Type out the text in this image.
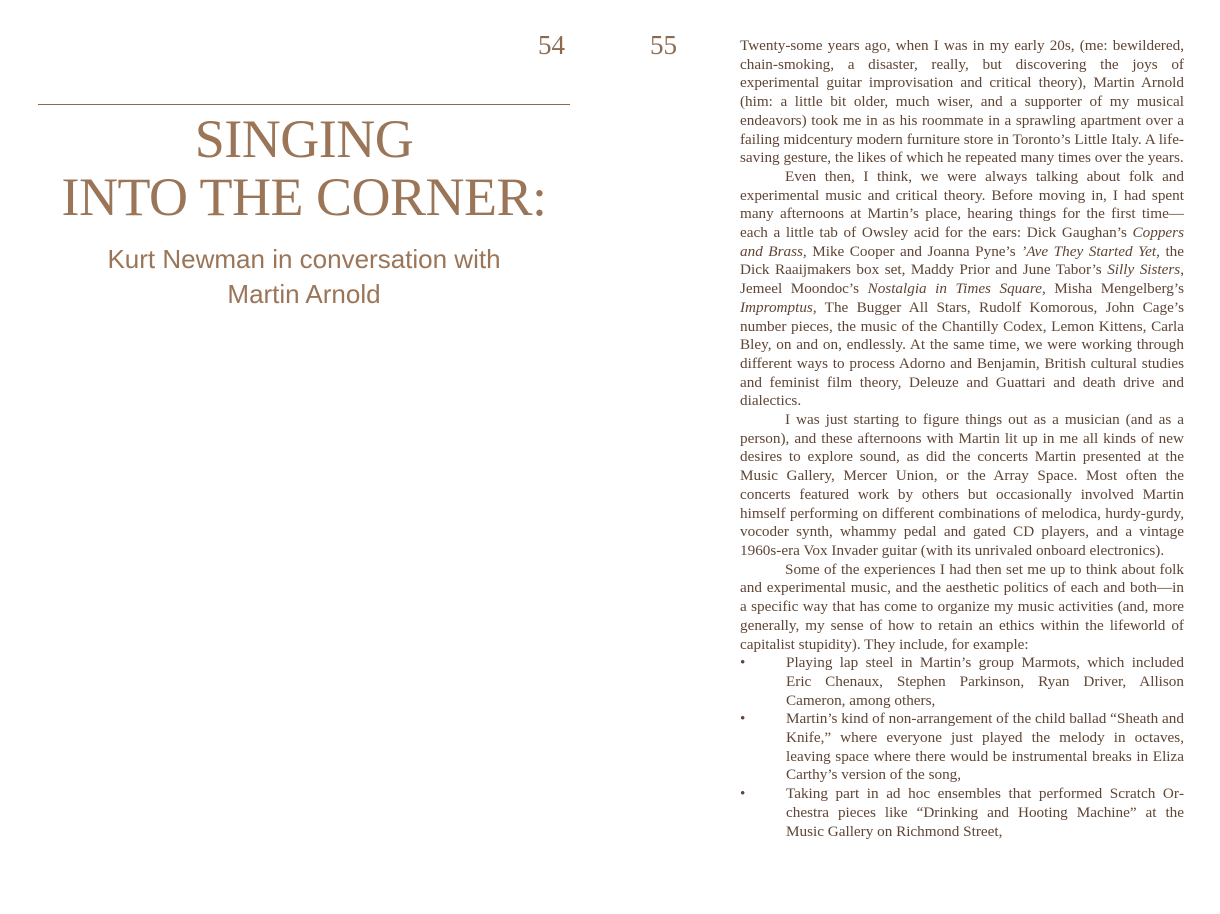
54
SINGING
INTO THE CORNER:
Kurt Newman in conversation with
Martin Arnold
55	Twenty-some years ago, when I was in my early 20s, (me: bewildered, chain-smoking, a disaster, really, but discovering the joys of experimental guitar improvisation and critical theory), Martin Arnold (him: a little bit older, much wiser, and a supporter of my musical endeavors) took me in as his roommate in a sprawling apartment over a failing midcentury modern furniture store in Toronto’s Little Italy. A life-saving gesture, the likes of which he repeated many times over the years.

Even then, I think, we were always talking about folk and experimental music and critical theory. Before moving in, I had spent many afternoons at Martin’s place, hearing things for the first time—each a little tab of Owsley acid for the ears: Dick Gaughan’s Coppers and Brass, Mike Cooper and Joanna Pyne’s ’Ave They Started Yet, the Dick Raaijmakers box set, Maddy Prior and June Tabor’s Silly Sisters, Jemeel Moondoc’s Nostalgia in Times Square, Misha Mengelberg’s Impromptus, The Bugger All Stars, Rudolf Komorous, John Cage’s number pieces, the music of the Chantilly Codex, Lemon Kittens, Carla Bley, on and on, endlessly. At the same time, we were working through different ways to process Adorno and Benjamin, British cultural studies and feminist film theory, Deleuze and Guattari and death drive and dialectics.

I was just starting to figure things out as a musician (and as a person), and these afternoons with Martin lit up in me all kinds of new desires to explore sound, as did the concerts Martin presented at the Music Gallery, Mercer Union, or the Array Space. Most often the concerts featured work by others but occasionally involved Martin himself performing on different combinations of melodica, hurdy-gurdy, vocoder synth, whammy pedal and gated CD players, and a vintage 1960s-era Vox Invader guitar (with its unrivaled onboard electronics).

Some of the experiences I had then set me up to think about folk and experimental music, and the aesthetic politics of each and both—in a specific way that has come to organize my music activities (and, more generally, my sense of how to retain an ethics within the lifeworld of capitalist stupidity). They include, for example:

•	Playing lap steel in Martin’s group Marmots, which included Eric Chenaux, Stephen Parkinson, Ryan Driver, Allison Cameron, among others,
•	Martin’s kind of non-arrangement of the child ballad “Sheath and Knife,” where everyone just played the melody in octaves, leaving space where there would be instrumental breaks in Eliza Carthy’s version of the song,
•	Taking part in ad hoc ensembles that performed Scratch Orchestra pieces like “Drinking and Hooting Machine” at the Music Gallery on Richmond Street,
